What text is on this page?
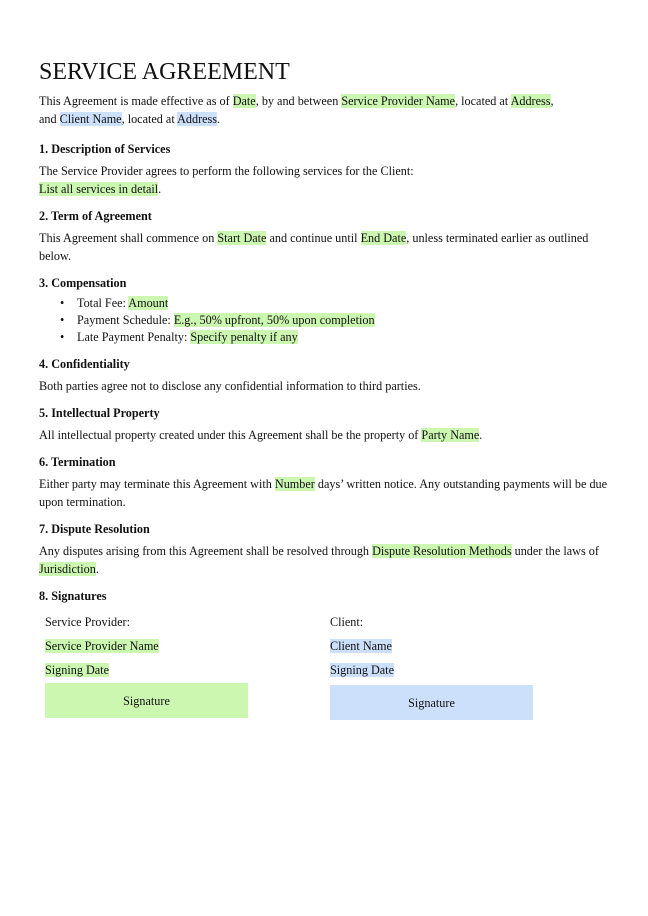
SERVICE AGREEMENT

This Agreement is made effective as of Date, by and between Service Provider Name, located at Address,
and Client Name, located at Address.

1. Description of Services

The Service Provider agrees to perform the following services for the Client:
List all services in detail.

2. Term of Agreement

This Agreement shall commence on Start Date and continue until End Date, unless terminated earlier as outlined below.

3. Compensation
• Total Fee: Amount
• Payment Schedule: E.g., 50% upfront, 50% upon completion
• Late Payment Penalty: Specify penalty if any
4. Confidentiality

Both parties agree not to disclose any confidential information to third parties.

5. Intellectual Property

All intellectual property created under this Agreement shall be the property of Party Name.

6. Termination

Either party may terminate this Agreement with Number days’ written notice. Any outstanding payments will be due upon termination.

7. Dispute Resolution

Any disputes arising from this Agreement shall be resolved through Dispute Resolution Methods under the laws of Jurisdiction.

8. Signatures
Service Provider:
Service Provider Name
Signing Date
Signature
Client:
Client Name
Signing Date
Signature
